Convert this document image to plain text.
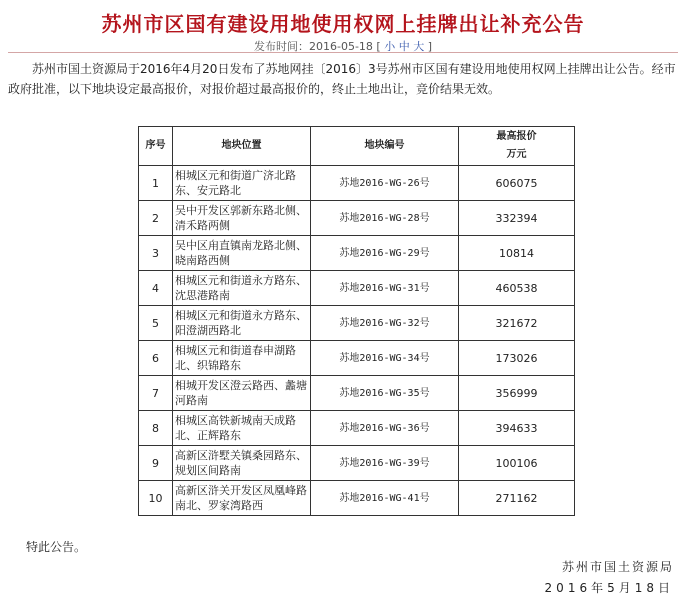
苏州市区国有建设用地使用权网上挂牌出让补充公告
发布时间：2016-05-18 [ 小 中 大 ]

苏州市国土资源局于2016年4月20日发布了苏地网挂〔2016〕3号苏州市区国有建设用地使用权网上挂牌出让公告。经市政府批准，以下地块设定最高报价，对报价超过最高报价的，终止土地出让，竞价结果无效。

序号	地块位置	地块编号	最高报价
万元

1	相城区元和街道广济北路东、安元路北	苏地2016-WG-26号	606075
2	吴中开发区郭新东路北侧、清禾路两侧	苏地2016-WG-28号	332394
3	吴中区甪直镇南龙路北侧、晓南路西侧	苏地2016-WG-29号	10814
4	相城区元和街道永方路东、沈思港路南	苏地2016-WG-31号	460538
5	相城区元和街道永方路东、阳澄湖西路北	苏地2016-WG-32号	321672
6	相城区元和街道春申湖路北、织锦路东	苏地2016-WG-34号	173026
7	相城开发区澄云路西、蠡塘河路南	苏地2016-WG-35号	356999
8	相城区高铁新城南天成路北、正辉路东	苏地2016-WG-36号	394633
9	高新区浒墅关镇桑园路东、规划区间路南	苏地2016-WG-39号	100106
10	高新区浒关开发区凤凰峰路南北、罗家湾路西	苏地2016-WG-41号	271162
特此公告。
苏州市国土资源局
2016年5月18日
